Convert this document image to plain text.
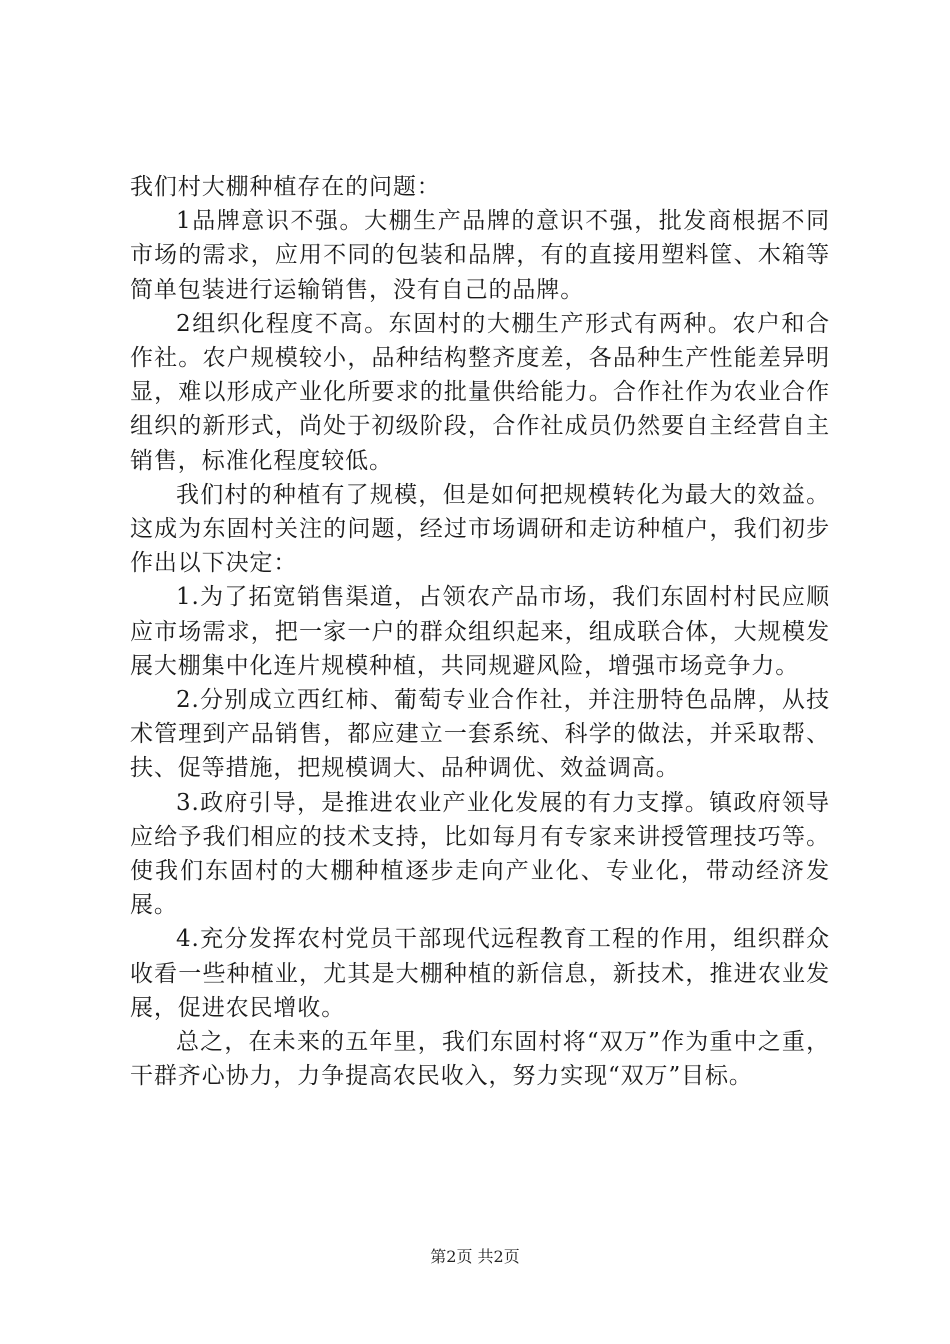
我们村大棚种植存在的问题：

1品牌意识不强。大棚生产品牌的意识不强，批发商根据不同市场的需求，应用不同的包装和品牌，有的直接用塑料筐、木箱等简单包装进行运输销售，没有自己的品牌。

2组织化程度不高。东固村的大棚生产形式有两种。农户和合作社。农户规模较小，品种结构整齐度差，各品种生产性能差异明显，难以形成产业化所要求的批量供给能力。合作社作为农业合作组织的新形式，尚处于初级阶段，合作社成员仍然要自主经营自主销售，标准化程度较低。

我们村的种植有了规模，但是如何把规模转化为最大的效益。这成为东固村关注的问题，经过市场调研和走访种植户，我们初步作出以下决定：

1.为了拓宽销售渠道，占领农产品市场，我们东固村村民应顺应市场需求，把一家一户的群众组织起来，组成联合体，大规模发展大棚集中化连片规模种植，共同规避风险，增强市场竞争力。

2.分别成立西红柿、葡萄专业合作社，并注册特色品牌，从技术管理到产品销售，都应建立一套系统、科学的做法，并采取帮、扶、促等措施，把规模调大、品种调优、效益调高。

3.政府引导，是推进农业产业化发展的有力支撑。镇政府领导应给予我们相应的技术支持，比如每月有专家来讲授管理技巧等。使我们东固村的大棚种植逐步走向产业化、专业化，带动经济发展。

4.充分发挥农村党员干部现代远程教育工程的作用，组织群众收看一些种植业，尤其是大棚种植的新信息，新技术，推进农业发展，促进农民增收。

总之，在未来的五年里，我们东固村将“双万”作为重中之重，干群齐心协力，力争提高农民收入，努力实现“双万”目标。

第2页 共2页
